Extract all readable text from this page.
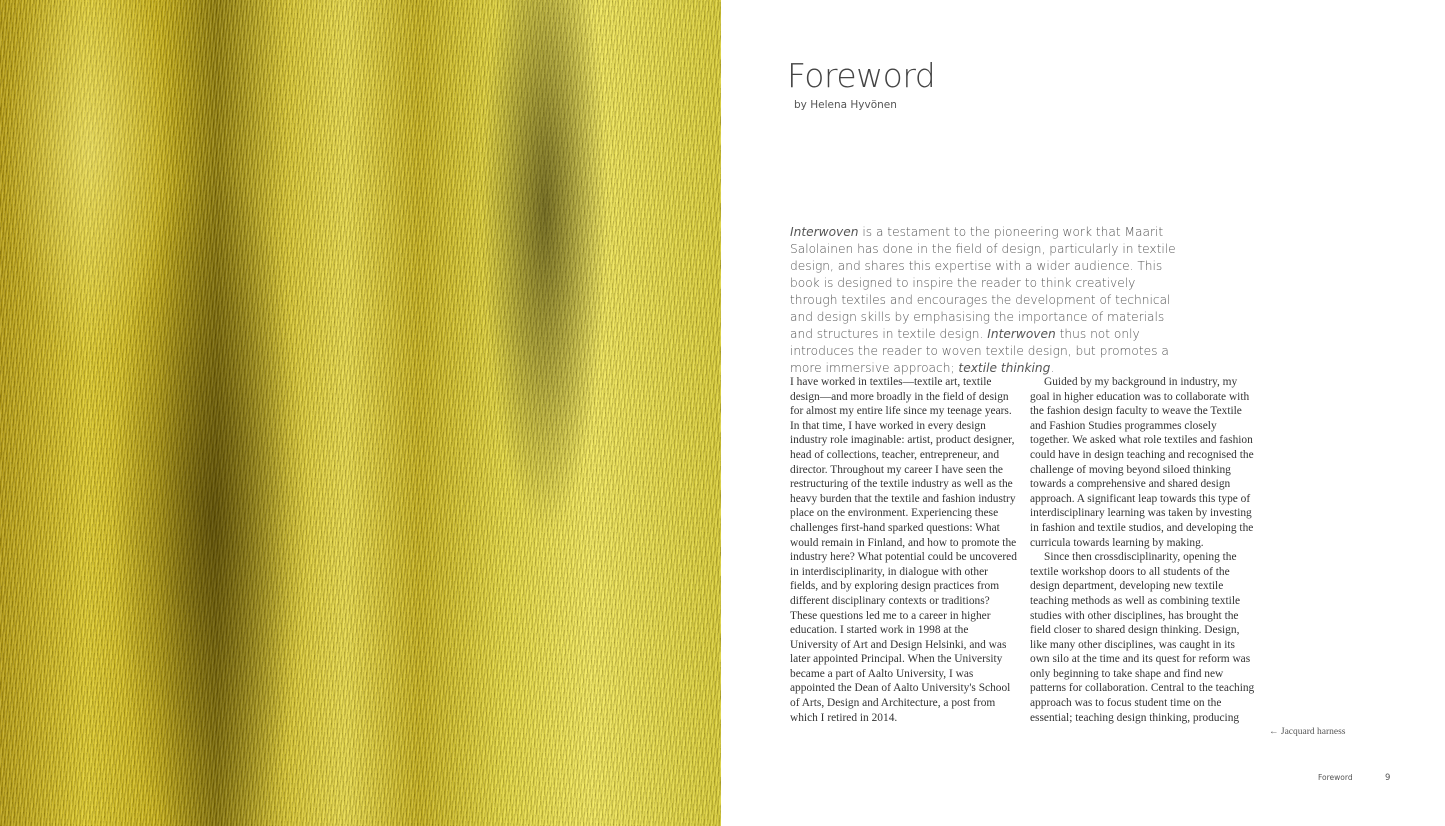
Foreword
by Helena Hyvönen

Interwoven is a testament to the pioneering work that Maarit Salolainen has done in the field of design, particularly in textile design, and shares this expertise with a wider audience. This book is designed to inspire the reader to think creatively through textiles and encourages the development of technical and design skills by emphasising the importance of materials and structures in textile design. Interwoven thus not only introduces the reader to woven textile design, but promotes a more immersive approach; textile thinking.

I have worked in textiles—textile art, textile design—and more broadly in the field of design for almost my entire life since my teenage years. In that time, I have worked in every design industry role imaginable: artist, product designer, head of collections, teacher, entrepreneur, and director. Throughout my career I have seen the restructuring of the textile industry as well as the heavy burden that the textile and fashion industry place on the environment. Experiencing these challenges first-hand sparked questions: What would remain in Finland, and how to promote the industry here? What potential could be uncovered in interdisciplinarity, in dialogue with other fields, and by exploring design practices from different disciplinary contexts or traditions? These questions led me to a career in higher education. I started work in 1998 at the University of Art and Design Helsinki, and was later appointed Principal. When the University became a part of Aalto University, I was appointed the Dean of Aalto University's School of Arts, Design and Architecture, a post from which I retired in 2014.

Guided by my background in industry, my goal in higher education was to collaborate with the fashion design faculty to weave the Textile and Fashion Studies programmes closely together. We asked what role textiles and fashion could have in design teaching and recognised the challenge of moving beyond siloed thinking towards a comprehensive and shared design approach. A significant leap towards this type of interdisciplinary learning was taken by investing in fashion and textile studios, and developing the curricula towards learning by making.

Since then crossdisciplinarity, opening the textile workshop doors to all students of the design department, developing new textile teaching methods as well as combining textile studies with other disciplines, has brought the field closer to shared design thinking. Design, like many other disciplines, was caught in its own silo at the time and its quest for reform was only beginning to take shape and find new patterns for collaboration. Central to the teaching approach was to focus student time on the essential; teaching design thinking, producing

← Jacquard harness
Foreword	9
